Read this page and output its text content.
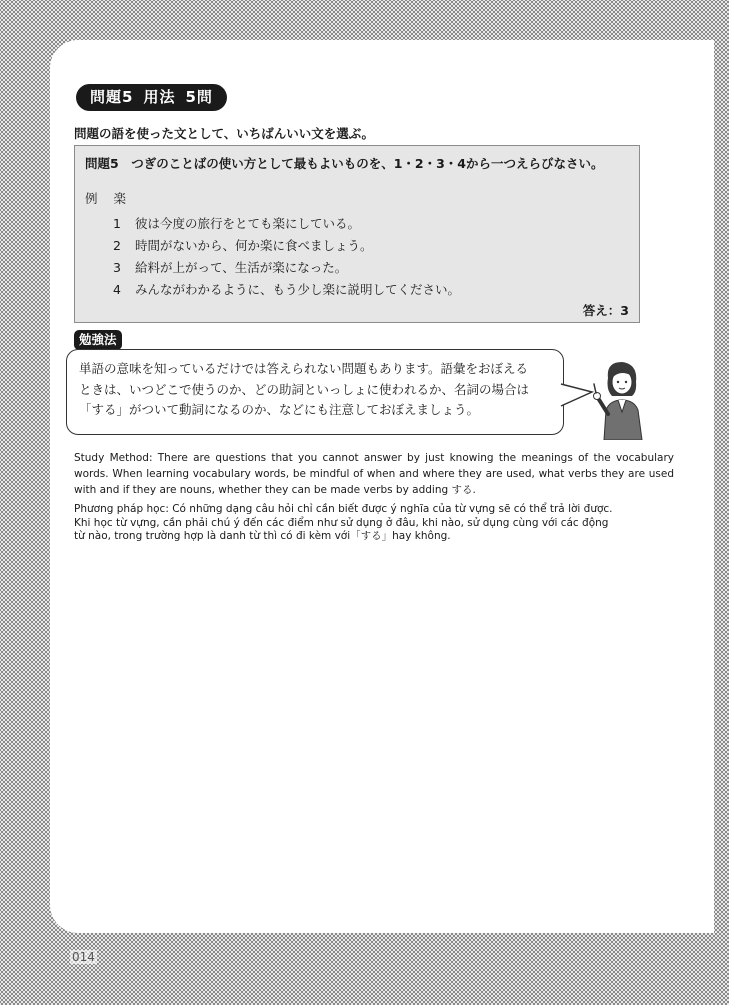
問題5 用法 5問
問題の語を使った文として、いちばんいい文を選ぶ。
問題5　つぎのことばの使い方として最もよいものを、1・2・3・4から一つえらびなさい。
例 楽
1 彼は今度の旅行をとても楽にしている。
2 時間がないから、何か楽に食べましょう。
3 給料が上がって、生活が楽になった。
4 みんながわかるように、もう少し楽に説明してください。
答え：3
勉強法
単語の意味を知っているだけでは答えられない問題もあります。語彙をおぼえる
ときは、いつどこで使うのか、どの助詞といっしょに使われるか、名詞の場合は
「する」がついて動詞になるのか、などにも注意しておぼえましょう。
Study Method: There are questions that you cannot answer by just knowing the meanings of the vocabulary words. When learning vocabulary words, be mindful of when and where they are used, what verbs they are used with and if they are nouns, whether they can be made verbs by adding する.
Phương pháp học: Có những dạng câu hỏi chỉ cần biết được ý nghĩa của từ vựng sẽ có thể trả lời được.
Khi học từ vựng, cần phải chú ý đến các điểm như sử dụng ở đâu, khi nào, sử dụng cùng với các động
từ nào, trong trường hợp là danh từ thì có đi kèm với「する」hay không.
014
